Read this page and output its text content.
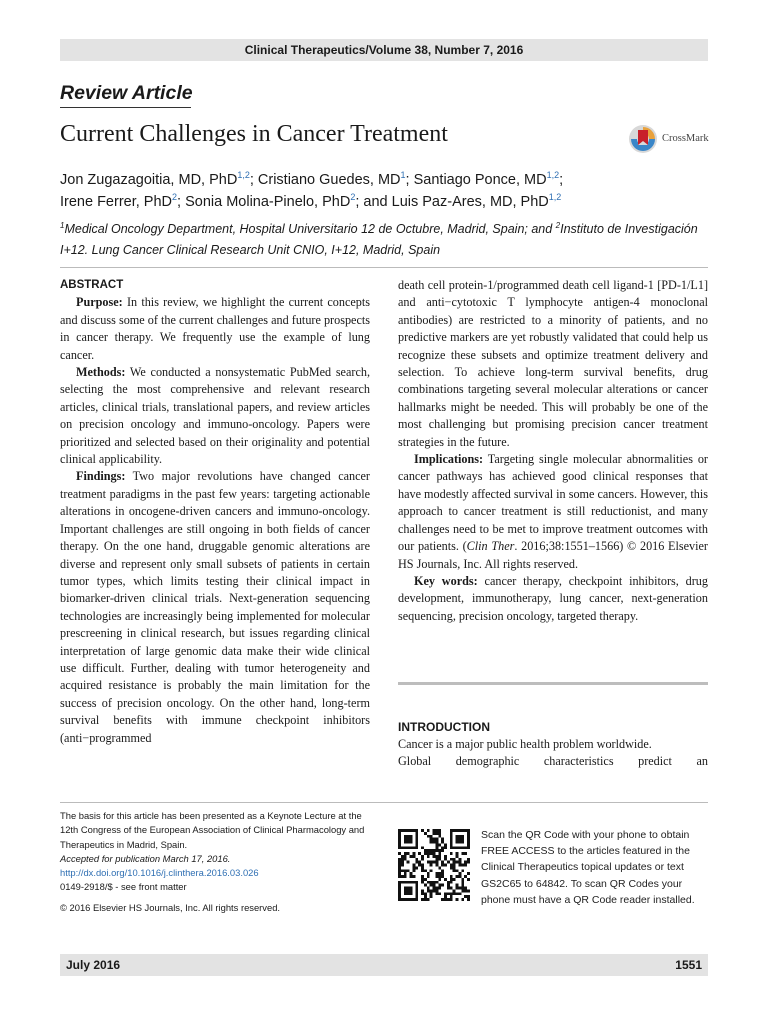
Clinical Therapeutics/Volume 38, Number 7, 2016
Review Article
Current Challenges in Cancer Treatment	CrossMark
Jon Zugazagoitia, MD, PhD$^{1,2}$; Cristiano Guedes, $MD^1$; Santiago Ponce, MD$^{1,2}$;
Irene Ferrer, PhD$^2$; Sonia Molina-Pinelo, PhD$^2$; and Luis Paz-Ares, MD, PhD$^{1,2}$
$^1$Medical Oncology Department, Hospital Universitario 12 de Octubre, Madrid, Spain; and $^2$Instituto de Investigación I+12. Lung Cancer Clinical Research Unit CNIO, I+12, Madrid, Spain
ABSTRACT

Purpose: In this review, we highlight the current concepts and discuss some of the current challenges and future prospects in cancer therapy. We frequently use the example of lung cancer.

Methods: We conducted a nonsystematic PubMed search, selecting the most comprehensive and relevant research articles, clinical trials, translational papers, and review articles on precision oncology and immuno-oncology. Papers were prioritized and selected based on their originality and potential clinical applicability.

Findings: Two major revolutions have changed cancer treatment paradigms in the past few years: targeting actionable alterations in oncogene-driven cancers and immuno-oncology. Important challenges are still ongoing in both fields of cancer therapy. On the one hand, druggable genomic alterations are diverse and represent only small subsets of patients in certain tumor types, which limits testing their clinical impact in biomarker-driven clinical trials. Next-generation sequencing technologies are increasingly being implemented for molecular prescreening in clinical research, but issues regarding clinical interpretation of large genomic data make their wide clinical use difficult. Further, dealing with tumor heterogeneity and acquired resistance is probably the main limitation for the success of precision oncology. On the other hand, long-term survival benefits with immune checkpoint inhibitors (anti−programmed

death cell protein-1/programmed death cell ligand-1 [PD-1/L1] and anti−cytotoxic T lymphocyte antigen-4 monoclonal antibodies) are restricted to a minority of patients, and no predictive markers are yet robustly validated that could help us recognize these subsets and optimize treatment delivery and selection. To achieve long-term survival benefits, drug combinations targeting several molecular alterations or cancer hallmarks might be needed. This will probably be one of the most challenging but promising precision cancer treatment strategies in the future.

Implications: Targeting single molecular abnormalities or cancer pathways has achieved good clinical responses that have modestly affected survival in some cancers. However, this approach to cancer treatment is still reductionist, and many challenges need to be met to improve treatment outcomes with our patients. (Clin Ther. 2016;38:1551–1566) © 2016 Elsevier HS Journals, Inc. All rights reserved.

Key words: cancer therapy, checkpoint inhibitors, drug development, immunotherapy, lung cancer, next-generation sequencing, precision oncology, targeted therapy.

INTRODUCTION

Cancer is a major public health problem worldwide.

Global demographic characteristics predict an

The basis for this article has been presented as a Keynote Lecture at the 12th Congress of the European Association of Clinical Pharmacology and Therapeutics in Madrid, Spain.
Accepted for publication March 17, 2016.
http://dx.doi.org/10.1016/j.clinthera.2016.03.026
0149-2918/$ - see front matter
© 2016 Elsevier HS Journals, Inc. All rights reserved.
Scan the QR Code with your phone to obtain FREE ACCESS to the articles featured in the Clinical Therapeutics topical updates or text GS2C65 to 64842. To scan QR Codes your phone must have a QR Code reader installed.
July 2016	1551
